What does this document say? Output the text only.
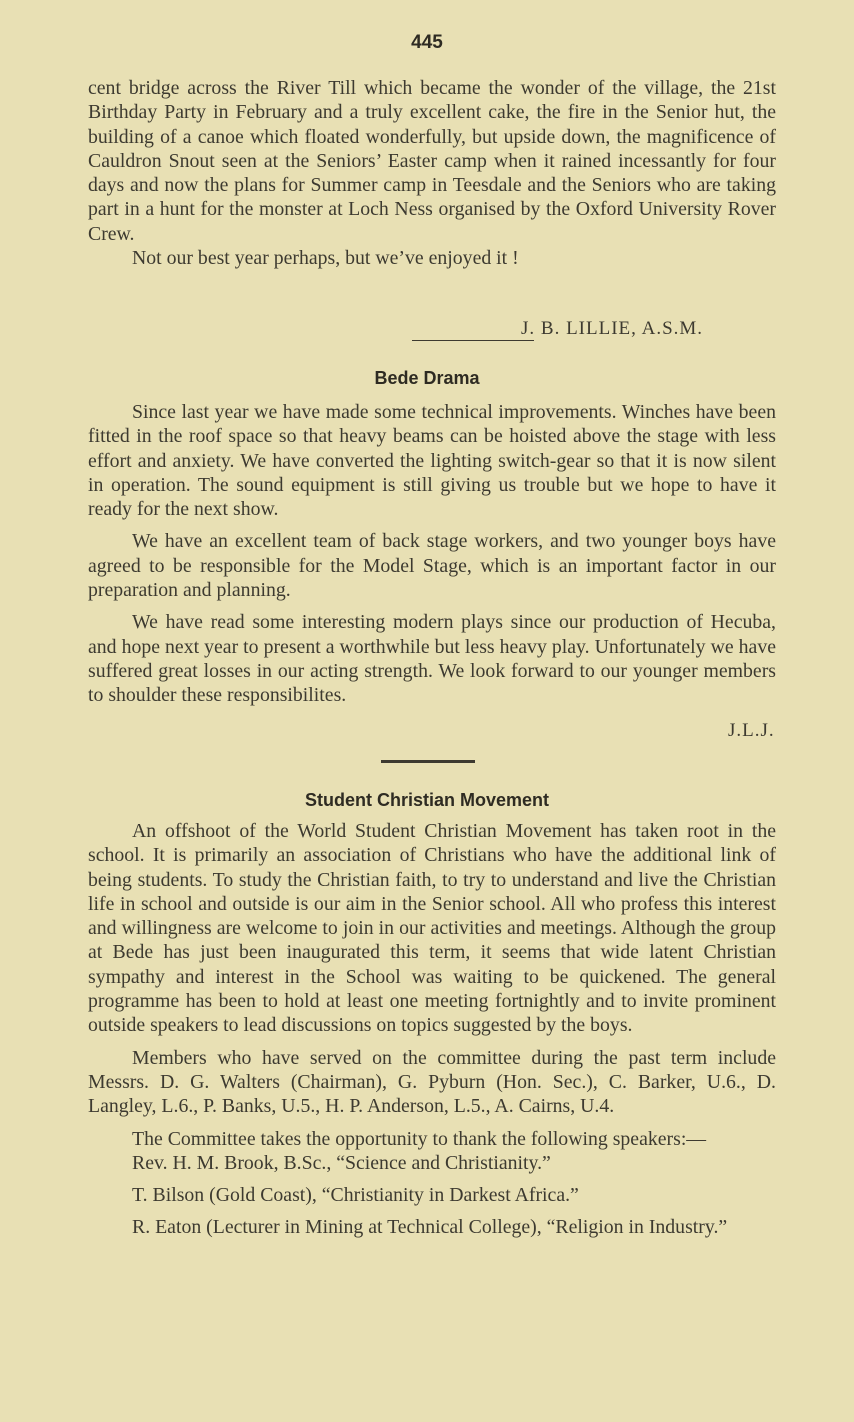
445

cent bridge across the River Till which became the wonder of the village, the 21st Birthday Party in February and a truly excellent cake, the fire in the Senior hut, the building of a canoe which floated wonderfully, but upside down, the magnificence of Cauldron Snout seen at the Seniors’ Easter camp when it rained incessantly for four days and now the plans for Summer camp in Teesdale and the Seniors who are taking part in a hunt for the monster at Loch Ness organised by the Oxford University Rover Crew.

Not our best year perhaps, but we’ve enjoyed it !

J. B. LILLIE, A.S.M.
Bede Drama

Since last year we have made some technical improvements. Winches have been fitted in the roof space so that heavy beams can be hoisted above the stage with less effort and anxiety. We have converted the lighting switch-gear so that it is now silent in operation. The sound equipment is still giving us trouble but we hope to have it ready for the next show.

We have an excellent team of back stage workers, and two younger boys have agreed to be responsible for the Model Stage, which is an important factor in our preparation and planning.

We have read some interesting modern plays since our production of Hecuba, and hope next year to present a worthwhile but less heavy play. Unfortunately we have suffered great losses in our acting strength. We look forward to our younger members to shoulder these responsibilites.

J.L.J.
Student Christian Movement

An offshoot of the World Student Christian Movement has taken root in the school. It is primarily an association of Christians who have the additional link of being students. To study the Christian faith, to try to understand and live the Christian life in school and outside is our aim in the Senior school. All who profess this interest and willingness are welcome to join in our activities and meetings. Although the group at Bede has just been inaugurated this term, it seems that wide latent Christian sympathy and interest in the School was waiting to be quickened. The general programme has been to hold at least one meeting fortnightly and to invite prominent outside speakers to lead discussions on topics suggested by the boys.

Members who have served on the committee during the past term include Messrs. D. G. Walters (Chairman), G. Pyburn (Hon. Sec.), C. Barker, U.6., D. Langley, L.6., P. Banks, U.5., H. P. Anderson, L.5., A. Cairns, U.4.

The Committee takes the opportunity to thank the following speakers:—

Rev. H. M. Brook, B.Sc., “Science and Christianity.”

T. Bilson (Gold Coast), “Christianity in Darkest Africa.”

R. Eaton (Lecturer in Mining at Technical College), “Religion in Industry.”
